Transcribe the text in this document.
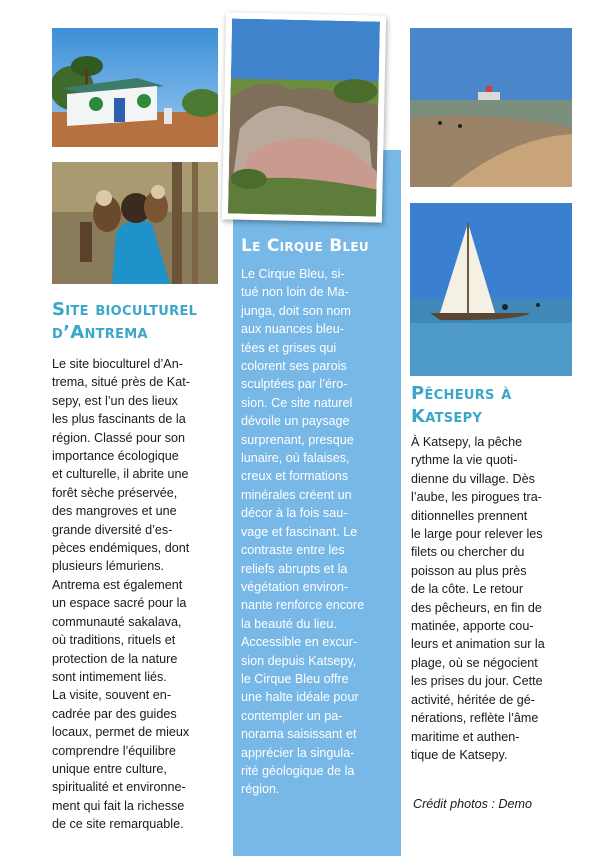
Site bioculturel
d’Antrema
Le site bioculturel d’An-
trema, situé près de Kat-
sepy, est l’un des lieux
les plus fascinants de la
région. Classé pour son
importance écologique
et culturelle, il abrite une
forêt sèche préservée,
des mangroves et une
grande diversité d’es-
pèces endémiques, dont
plusieurs lémuriens.
Antrema est également
un espace sacré pour la
communauté sakalava,
où traditions, rituels et
protection de la nature
sont intimement liés.
La visite, souvent en-
cadrée par des guides
locaux, permet de mieux
comprendre l’équilibre
unique entre culture,
spiritualité et environne-
ment qui fait la richesse
de ce site remarquable.
Le Cirque Bleu
Le Cirque Bleu, si-
tué non loin de Ma-
junga, doit son nom
aux nuances bleu-
tées et grises qui
colorent ses parois
sculptées par l’éro-
sion. Ce site naturel
dévoile un paysage
surprenant, presque
lunaire, où falaises,
creux et formations
minérales créent un
décor à la fois sau-
vage et fascinant. Le
contraste entre les
reliefs abrupts et la
végétation environ-
nante renforce encore
la beauté du lieu.
Accessible en excur-
sion depuis Katsepy,
le Cirque Bleu offre
une halte idéale pour
contempler un pa-
norama saisissant et
apprécier la singula-
rité géologique de la
région.
Pêcheurs à
Katsepy
À Katsepy, la pêche
rythme la vie quoti-
dienne du village. Dès
l’aube, les pirogues tra-
ditionnelles prennent
le large pour relever les
filets ou chercher du
poisson au plus près
de la côte. Le retour
des pêcheurs, en fin de
matinée, apporte cou-
leurs et animation sur la
plage, où se négocient
les prises du jour. Cette
activité, héritée de gé-
nérations, reflète l’âme
maritime et authen-
tique de Katsepy.
Crédit photos : Demo
